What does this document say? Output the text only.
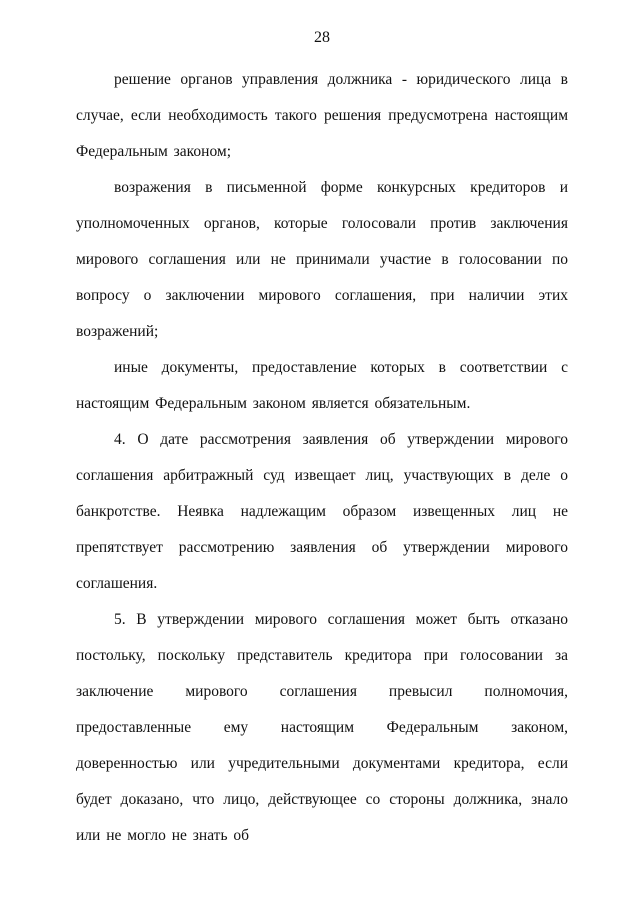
28

решение органов управления должника - юридического лица в случае, если необходимость такого решения предусмотрена настоящим Федеральным законом;

возражения в письменной форме конкурсных кредиторов и уполномоченных органов, которые голосовали против заключения мирового соглашения или не принимали участие в голосовании по вопросу о заключении мирового соглашения, при наличии этих возражений;

иные документы, предоставление которых в соответствии с настоящим Федеральным законом является обязательным.

4. О дате рассмотрения заявления об утверждении мирового соглашения арбитражный суд извещает лиц, участвующих в деле о банкротстве. Неявка надлежащим образом извещенных лиц не препятствует рассмотрению заявления об утверждении мирового соглашения.

5. В утверждении мирового соглашения может быть отказано постольку, поскольку представитель кредитора при голосовании за заключение мирового соглашения превысил полномочия, предоставленные ему настоящим Федеральным законом, доверенностью или учредительными документами кредитора, если будет доказано, что лицо, действующее со стороны должника, знало или не могло не знать об
